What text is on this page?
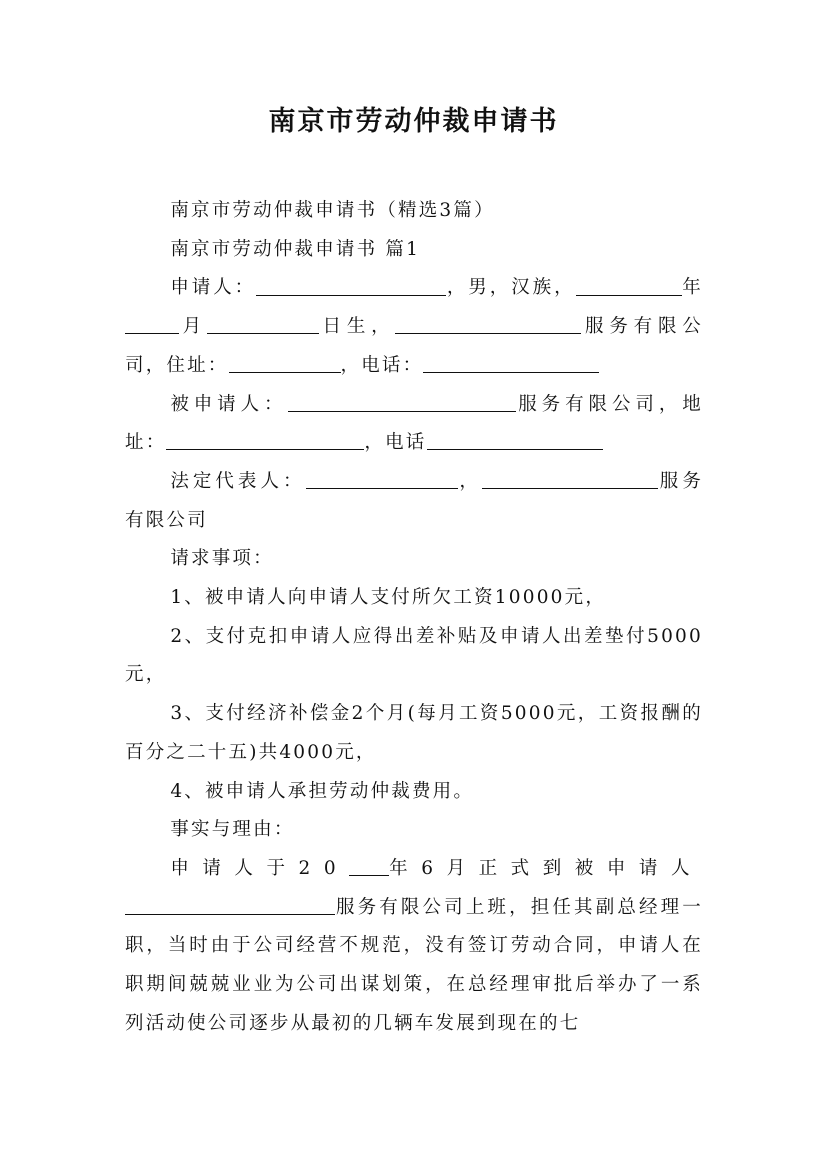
南京市劳动仲裁申请书

南京市劳动仲裁申请书（精选3篇）

南京市劳动仲裁申请书 篇1

申请人：	，男，汉族，	年月	日生，	服务有限公司，住址：	，电话：

被申请人：	服务有限公司，地址：	，电话

法定代表人：	，	服务有限公司

请求事项：

1、被申请人向申请人支付所欠工资10000元，

2、支付克扣申请人应得出差补贴及申请人出差垫付5000元，

3、支付经济补偿金2个月(每月工资5000元，工资报酬的百分之二十五)共4000元，

4、被申请人承担劳动仲裁费用。

事实与理由：

申请人于20 年6月正式到被申请人服务有限公司上班，担任其副总经理一职，当时由于公司经营不规范，没有签订劳动合同，申请人在职期间兢兢业业为公司出谋划策，在总经理审批后举办了一系列活动使公司逐步从最初的几辆车发展到现在的七
